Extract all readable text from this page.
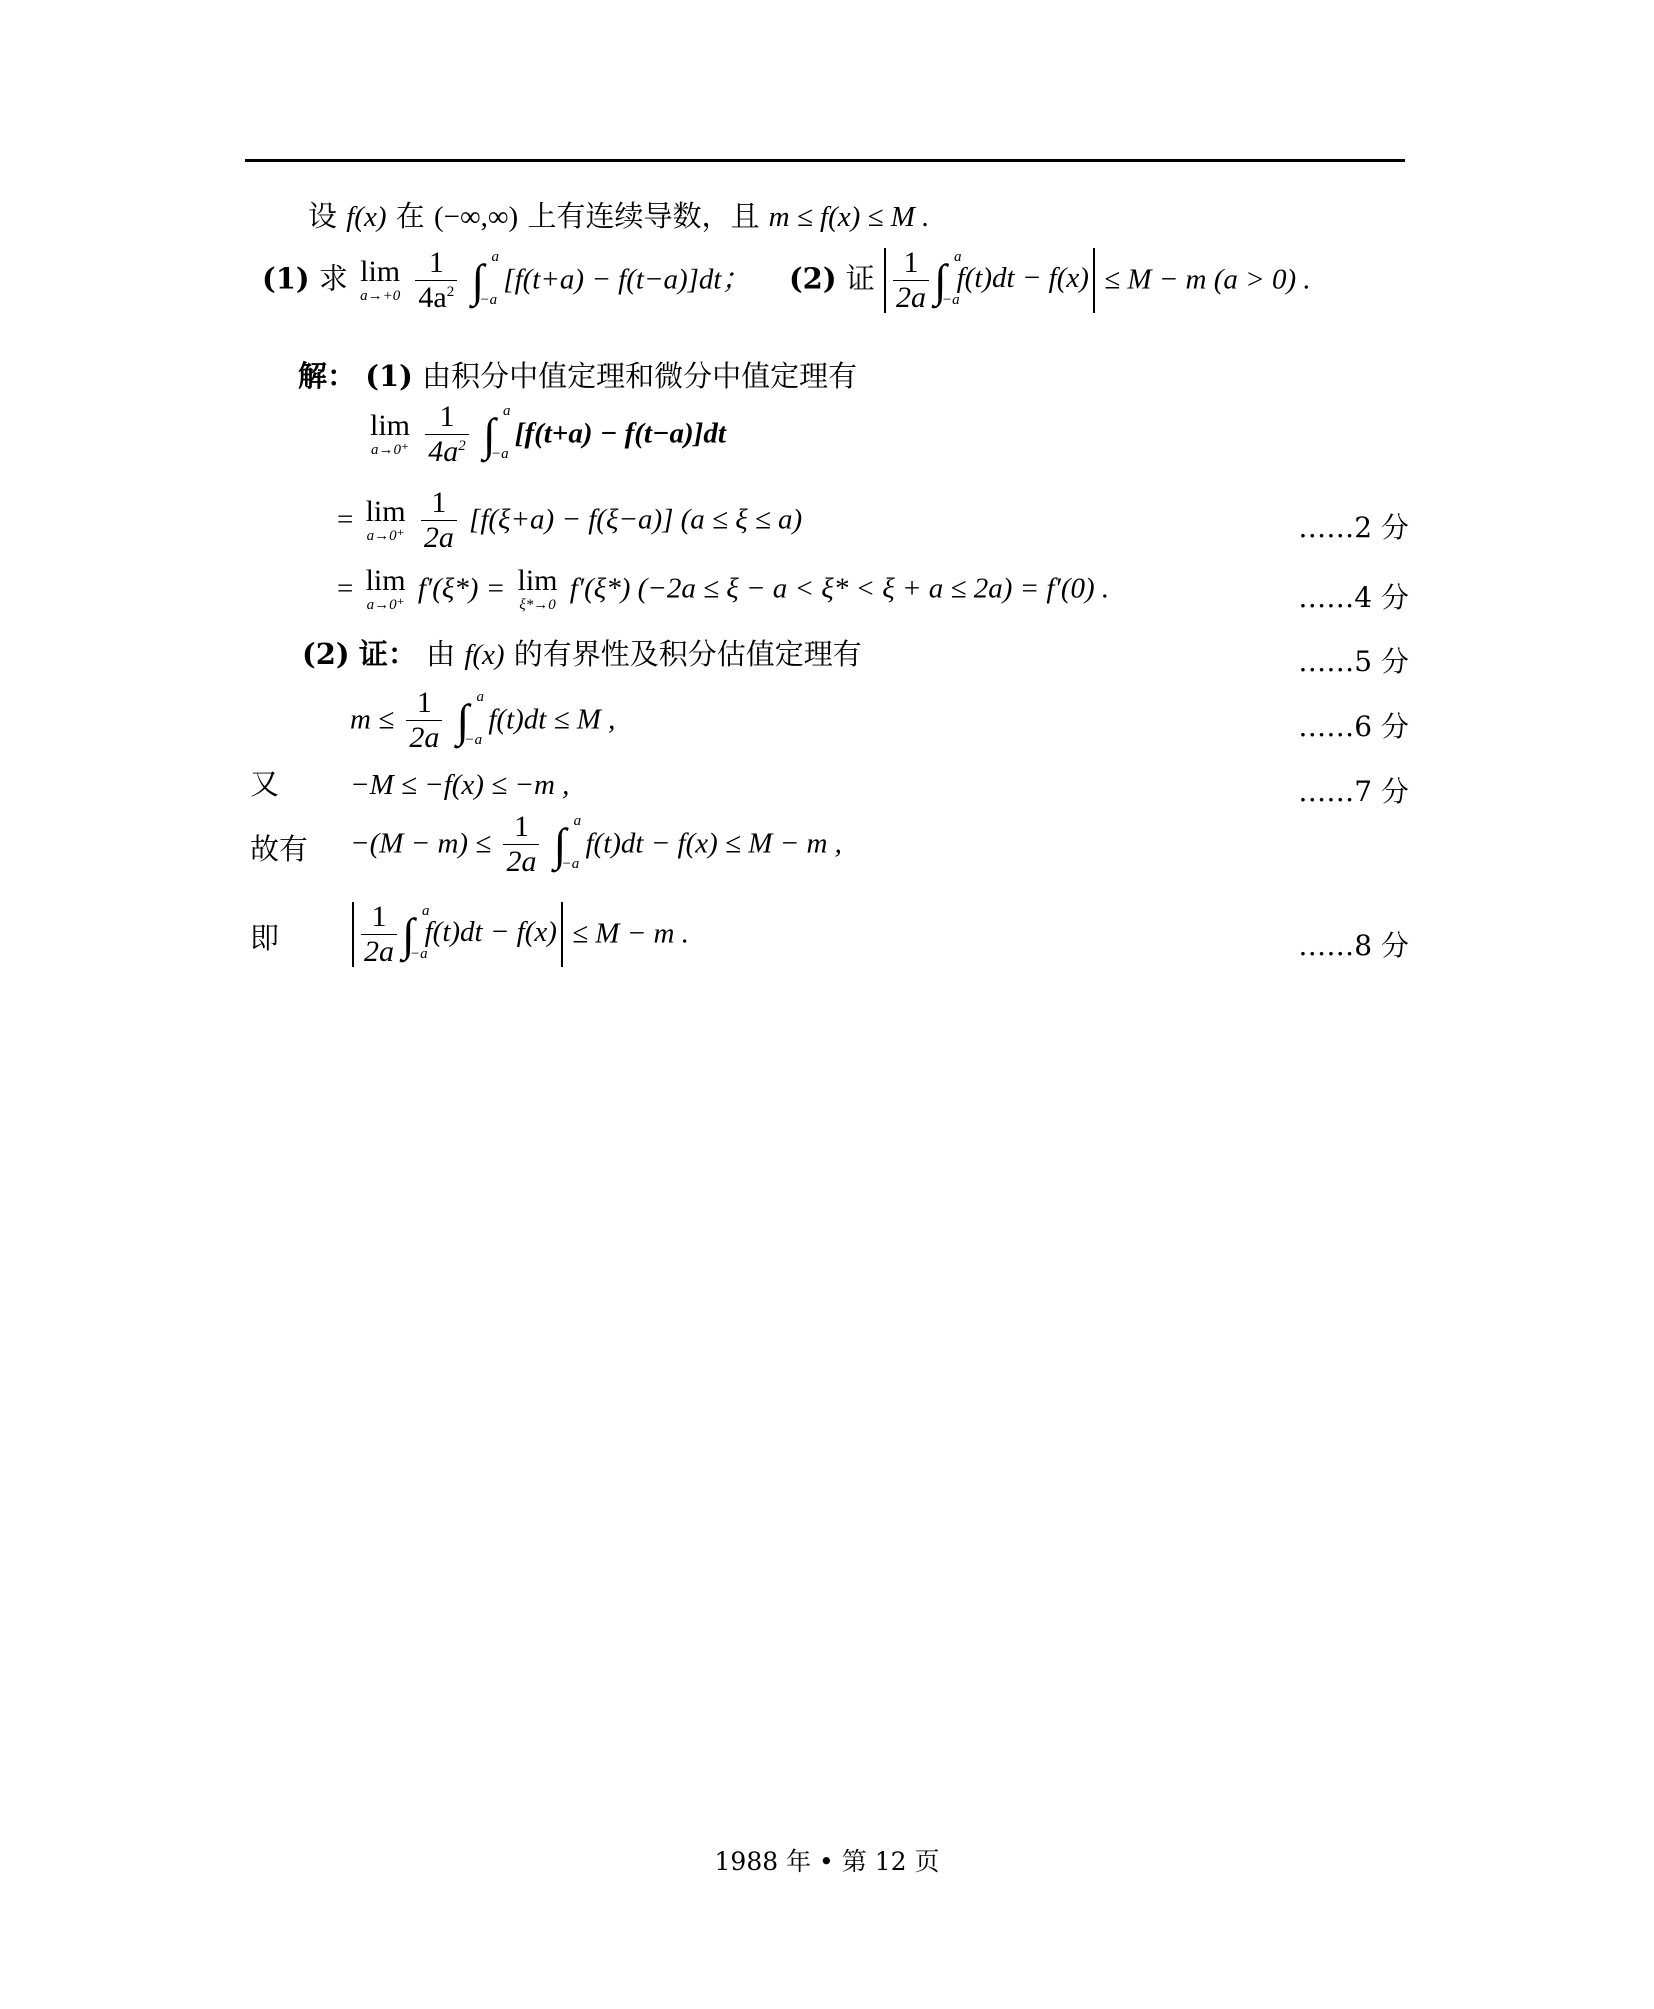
设 f(x) 在 (−∞,∞) 上有连续导数，且 m ≤ f(x) ≤ M .
(1) 求 lim
a→+0
$\frac{1}{4a^2}$ ∫ a
−a
[f(t+a) − f(t−a)]dt； (2) 证 $\frac{1}{2a}$ ∫ a
−a
f(t)dt − f(x) ≤ M − m (a > 0) .
解： (1) 由积分中值定理和微分中值定理有
lim
a→0⁺
$\frac{1}{4a^2}$ ∫ a
−a
[f(t+a) − f(t−a)]dt
= lim
a→0⁺
$\frac{1}{2a} [f(\xi+a) - f(\xi-a)] (a \le \xi \le a)$	……2 分
= lim
a→0⁺
f′(ξ*) = lim
ξ*→0
f′(ξ*) (−2a ≤ ξ − a < ξ* < ξ + a ≤ 2a) = f′(0) .	……4 分
(2) 证： 由 f(x) 的有界性及积分估值定理有	……5 分
$m \le \frac{1}{2a}$ ∫ a
−a
f(t)dt ≤ M ,	……6 分
又 −M ≤ −f(x) ≤ −m ,	……7 分
故有 $-(M - m) \le \frac{1}{2a}$ ∫ a
−a
f(t)dt − f(x) ≤ M − m ,
即	$\frac{1}{2a}$ ∫ a
−a
f(t)dt − f(x) ≤ M − m .	……8 分
1988 年 • 第 12 页
